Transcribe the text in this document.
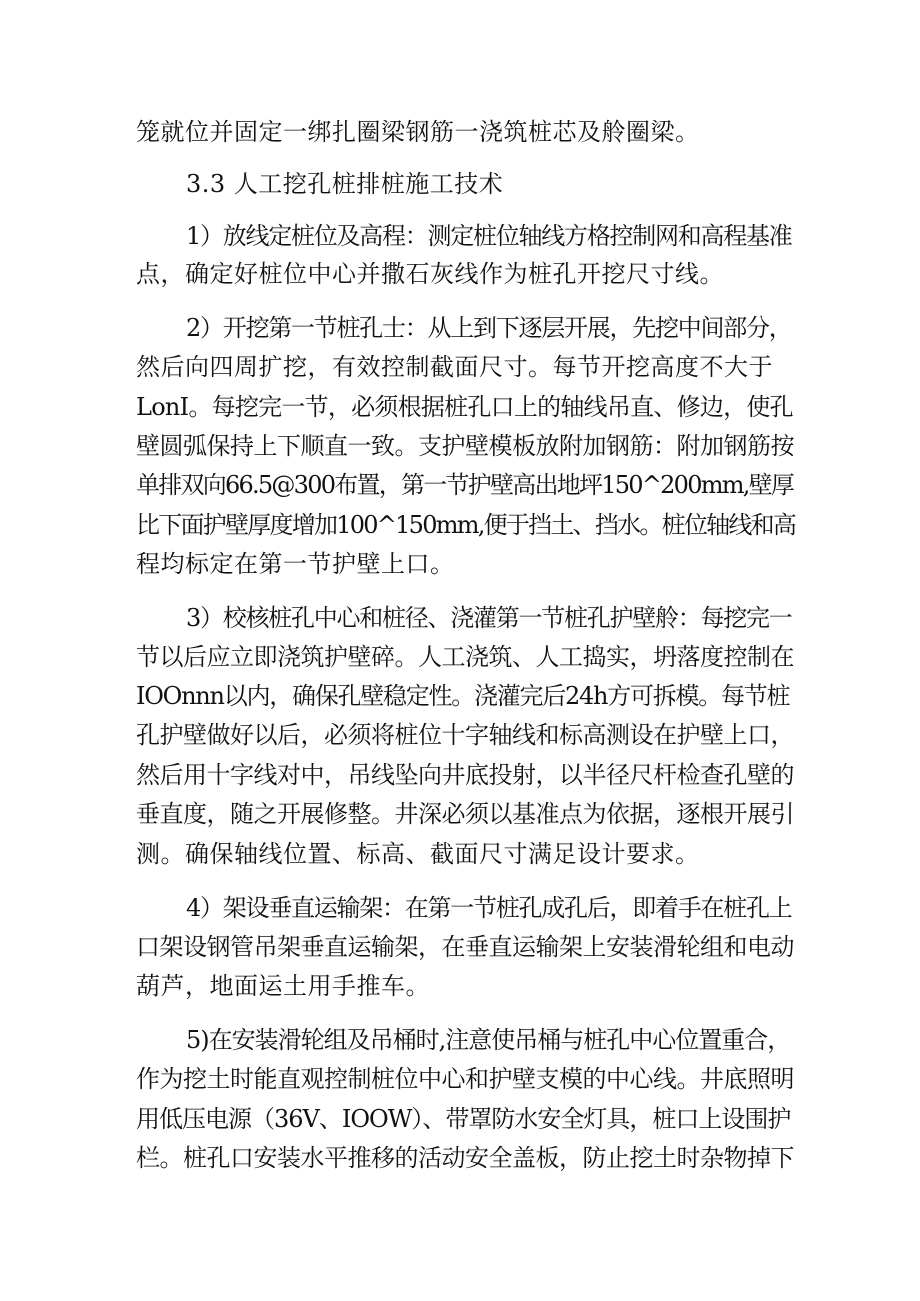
笼就位并固定一绑扎圈梁钢筋一浇筑桩芯及舲圈梁。
3.3 人工挖孔桩排桩施工技术
1）放线定桩位及高程：测定桩位轴线方格控制网和高程基准
点，确定好桩位中心并撒石灰线作为桩孔开挖尺寸线。
2）开挖第一节桩孔士：从上到下逐层开展，先挖中间部分，
然后向四周扩挖，有效控制截面尺寸。每节开挖高度不大于
LonI。每挖完一节，必须根据桩孔口上的轴线吊直、修边，使孔
壁圆弧保持上下顺直一致。支护壁模板放附加钢筋：附加钢筋按
单排双向66.5@300布置，第一节护壁高出地坪150^200mm,壁厚
比下面护壁厚度增加100^150mm,便于挡土、挡水。桩位轴线和高
程均标定在第一节护壁上口。
3）校核桩孔中心和桩径、浇灌第一节桩孔护壁舲：每挖完一
节以后应立即浇筑护壁碎。人工浇筑、人工捣实，坍落度控制在
IOOnnn以内，确保孔壁稳定性。浇灌完后24h方可拆模。每节桩
孔护壁做好以后，必须将桩位十字轴线和标高测设在护壁上口，
然后用十字线对中，吊线坠向井底投射，以半径尺杆检查孔壁的
垂直度，随之开展修整。井深必须以基准点为依据，逐根开展引
测。确保轴线位置、标高、截面尺寸满足设计要求。
4）架设垂直运输架：在第一节桩孔成孔后，即着手在桩孔上
口架设钢管吊架垂直运输架，在垂直运输架上安装滑轮组和电动
葫芦，地面运土用手推车。
5)在安装滑轮组及吊桶时,注意使吊桶与桩孔中心位置重合，
作为挖土时能直观控制桩位中心和护壁支模的中心线。井底照明
用低压电源（36V、IOOW）、带罩防水安全灯具，桩口上设围护
栏。桩孔口安装水平推移的活动安全盖板，防止挖土时杂物掉下
